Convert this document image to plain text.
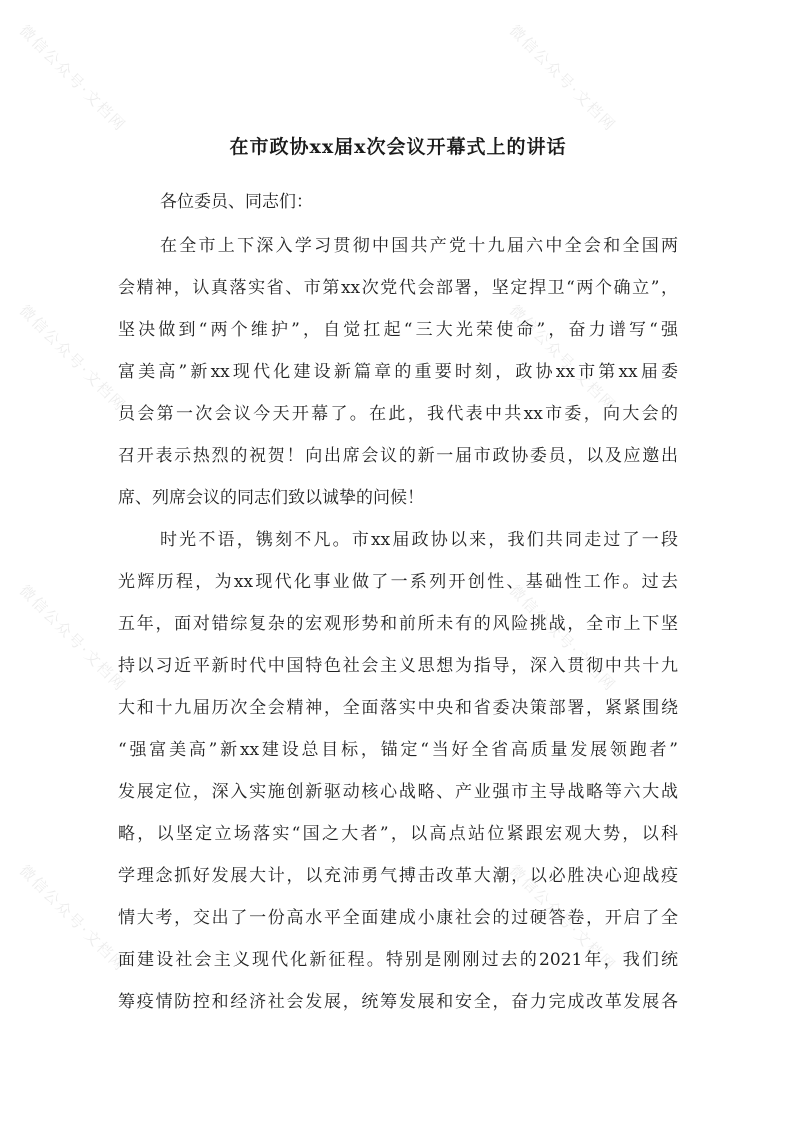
微信公众号·文档网	微信公众号·文档网
微信公众号·文档网	微信公众号·文档网
微信公众号·文档网	微信公众号·文档网
微信公众号·文档网	微信公众号·文档网
在市政协xx届x次会议开幕式上的讲话
各位委员、同志们：
在全市上下深入学习贯彻中国共产党十九届六中全会和全国两
会精神，认真落实省、市第xx次党代会部署，坚定捍卫“两个确立”，
坚决做到“两个维护”，自觉扛起“三大光荣使命”，奋力谱写“强
富美高”新xx现代化建设新篇章的重要时刻，政协xx市第xx届委
员会第一次会议今天开幕了。在此，我代表中共xx市委，向大会的
召开表示热烈的祝贺！向出席会议的新一届市政协委员，以及应邀出
席、列席会议的同志们致以诚挚的问候！
时光不语，镌刻不凡。市xx届政协以来，我们共同走过了一段
光辉历程，为xx现代化事业做了一系列开创性、基础性工作。过去
五年，面对错综复杂的宏观形势和前所未有的风险挑战，全市上下坚
持以习近平新时代中国特色社会主义思想为指导，深入贯彻中共十九
大和十九届历次全会精神，全面落实中央和省委决策部署，紧紧围绕
“强富美高”新xx建设总目标，锚定“当好全省高质量发展领跑者”
发展定位，深入实施创新驱动核心战略、产业强市主导战略等六大战
略，以坚定立场落实“国之大者”，以高点站位紧跟宏观大势，以科
学理念抓好发展大计，以充沛勇气搏击改革大潮，以必胜决心迎战疫
情大考，交出了一份高水平全面建成小康社会的过硬答卷，开启了全
面建设社会主义现代化新征程。特别是刚刚过去的2021年，我们统
筹疫情防控和经济社会发展，统筹发展和安全，奋力完成改革发展各
